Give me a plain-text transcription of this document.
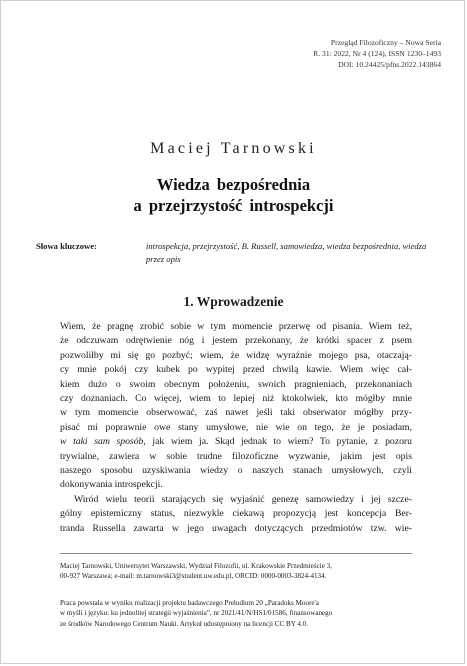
Przegląd Filozoficzny – Nowa Seria
R. 31: 2022, Nr 4 (124), ISSN 1230–1493
DOI: 10.24425/pfns.2022.143864
Maciej Tarnowski
Wiedza bezpośrednia
a przejrzystość introspekcji
Słowa kluczowe:	introspekcja, przejrzystość, B. Russell, samowiedza, wiedza bezpośrednia, wiedza przez opis
1. Wprowadzenie

Wiem, że pragnę zrobić sobie w tym momencie przerwę od pisania. Wiem też,
że odczuwam odrętwienie nóg i jestem przekonany, że krótki spacer z psem
pozwoliłby mi się go pozbyć; wiem, że widzę wyraźnie mojego psa, otaczają-
cy mnie pokój czy kubek po wypitej przed chwilą kawie. Wiem więc cał-
kiem dużo o swoim obecnym położeniu, swoich pragnieniach, przekonaniach
czy doznaniach. Co więcej, wiem to lepiej niż ktokolwiek, kto mógłby mnie
w tym momencie obserwować, zaś nawet jeśli taki obserwator mógłby przy-
pisać mi poprawnie owe stany umysłowe, nie wie on tego, że je posiadam,
w taki sam sposób, jak wiem ja. Skąd jednak to wiem? To pytanie, z pozoru
trywialne, zawiera w sobie trudne filozoficzne wyzwanie, jakim jest opis
naszego sposobu uzyskiwania wiedzy o naszych stanach umysłowych, czyli
dokonywania introspekcji.

Wiród wielu teorii starających się wyjaśnić genezę samowiedzy i jej szcze-
gólny epistemiczny status, niezwykle ciekawą propozycją jest koncepcja Ber-
tranda Russella zawarta w jego uwagach dotyczących przedmiotów tzw. wie-

Maciej Tarnowski, Uniwersytet Warszawski, Wydział Filozofii, ul. Krakowskie Przedmieście 3,
00-927 Warszawa; e-mail: m.tarnowski3@student.uw.edu.pl, ORCID: 0000-0003-3824-4134.
Praca powstała w wyniku realizacji projektu badawczego Preludium 20 „Paradoks Moore'a
w myśli i języku: ku jednolitej strategii wyjaśnienia”, nr 2021/41/N/HS1/01586, finansowanego
ze środków Narodowego Centrum Nauki. Artykuł udostępniony na licencji CC BY 4.0.
